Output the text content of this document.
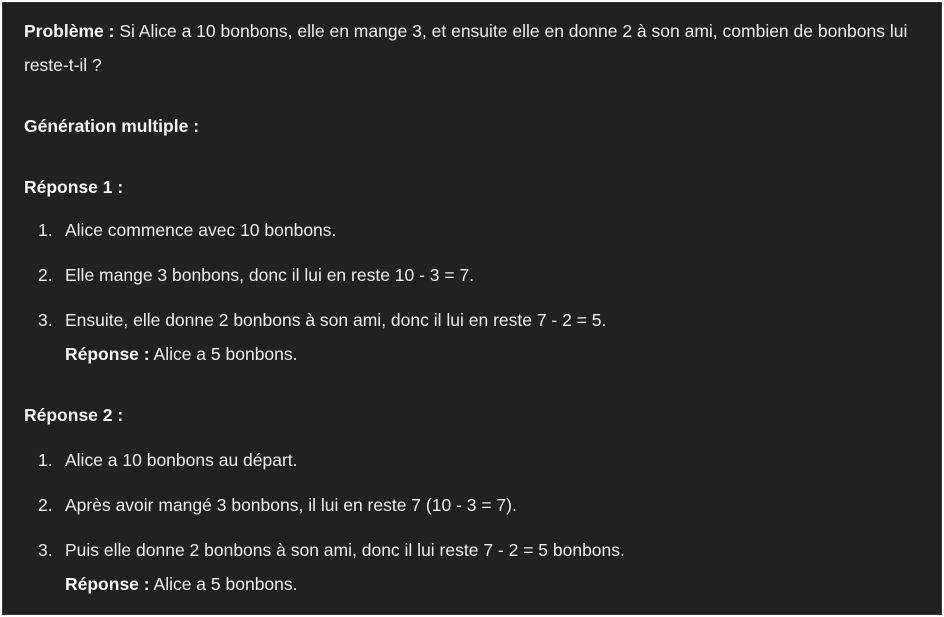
Problème : Si Alice a 10 bonbons, elle en mange 3, et ensuite elle en donne 2 à son ami, combien de bonbons lui reste-t-il ?

Génération multiple :

Réponse 1 :

1. Alice commence avec 10 bonbons.
2. Elle mange 3 bonbons, donc il lui en reste 10 - 3 = 7.
3. Ensuite, elle donne 2 bonbons à son ami, donc il lui en reste 7 - 2 = 5.
Réponse : Alice a 5 bonbons.

Réponse 2 :

1. Alice a 10 bonbons au départ.
2. Après avoir mangé 3 bonbons, il lui en reste 7 (10 - 3 = 7).
3. Puis elle donne 2 bonbons à son ami, donc il lui reste 7 - 2 = 5 bonbons.
Réponse : Alice a 5 bonbons.
